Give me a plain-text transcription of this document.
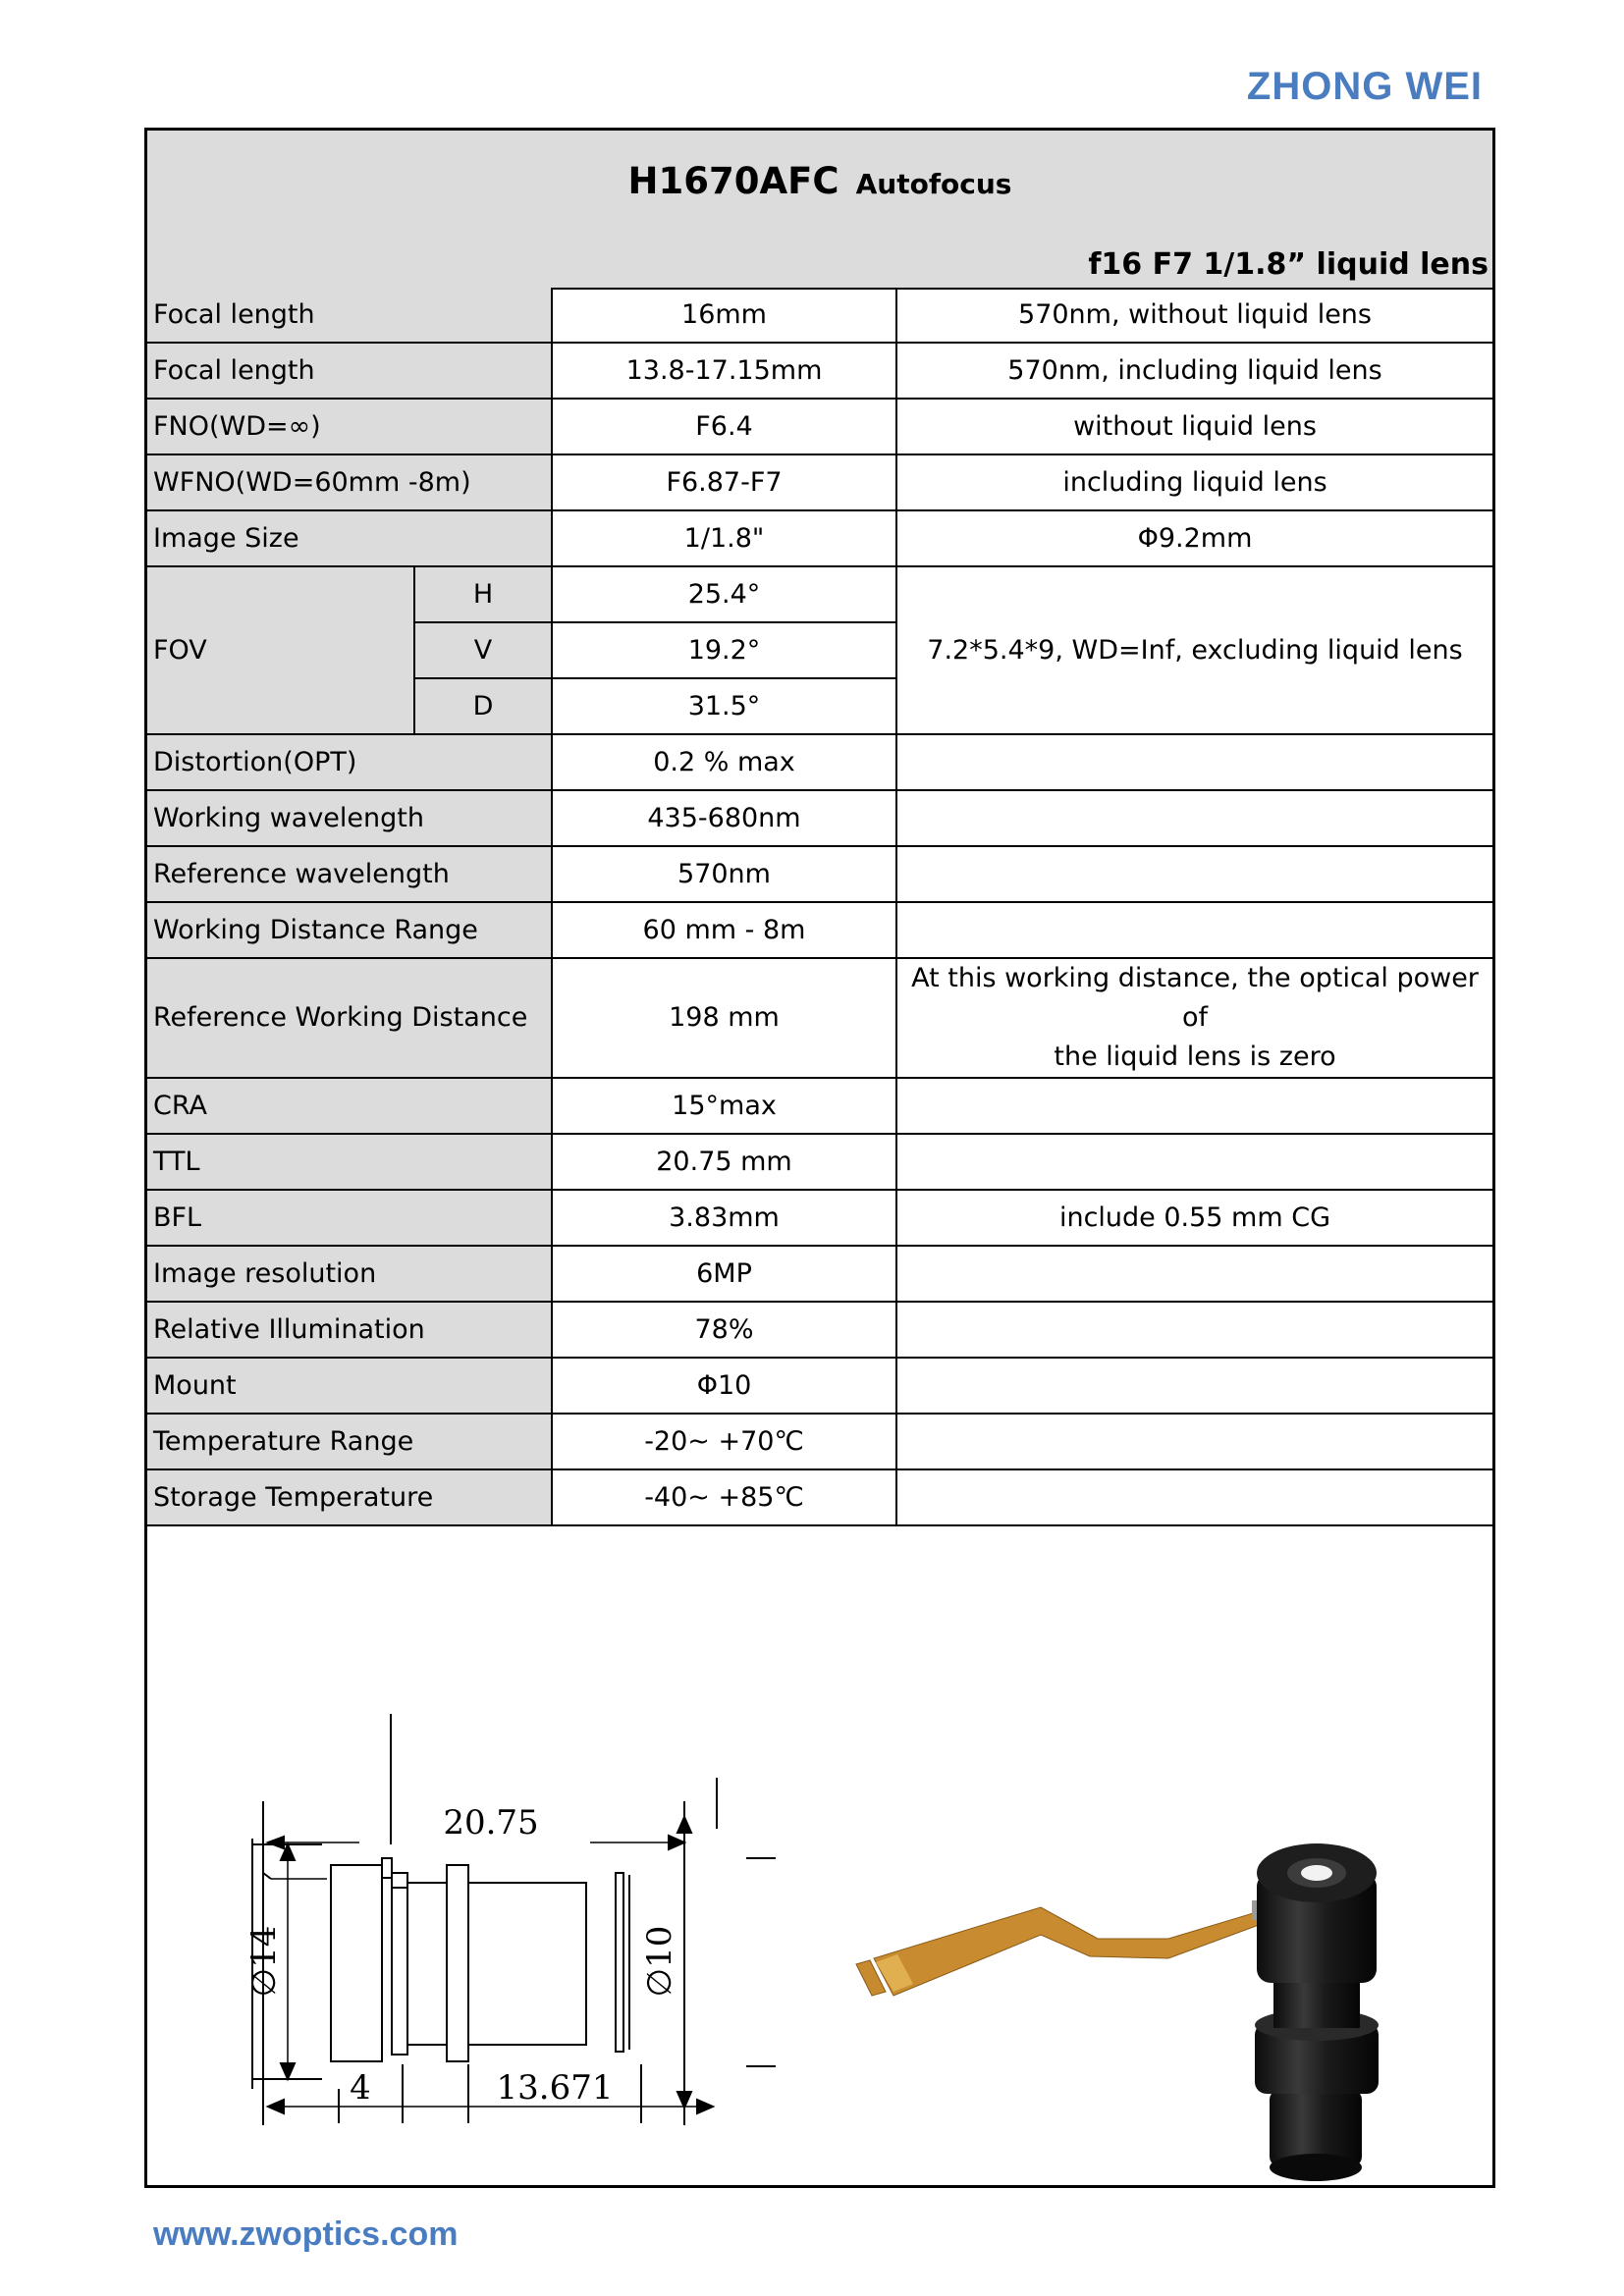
ZHONG WEI
H1670AFC Autofocus
f16 F7 1/1.8” liquid lens
Focal length		16mm	570nm, without liquid lens
Focal length		13.8-17.15mm	570nm, including liquid lens
FNO(WD=∞)		F6.4	without liquid lens
WFNO(WD=60mm -8m)		F6.87-F7	including liquid lens
Image Size		1/1.8"	Φ9.2mm
FOV	H	25.4°	7.2*5.4*9, WD=Inf, excluding liquid lens
	V	19.2°	
	D	31.5°	
Distortion(OPT)		0.2 % max	
Working wavelength		435-680nm	
Reference wavelength		570nm	
Working Distance Range		60 mm - 8m	
Reference Working Distance		198 mm	At this working distance, the optical power of
the liquid lens is zero

CRA		15°max	
TTL		20.75 mm	
BFL		3.83mm	include 0.55 mm CG
Image resolution		6MP	
Relative Illumination		78%	
Mount		Φ10	
Temperature Range		-20~ +70℃	
Storage Temperature		-40~ +85℃	
20.75
∅14	∅10
4	13.671
www.zwoptics.com
